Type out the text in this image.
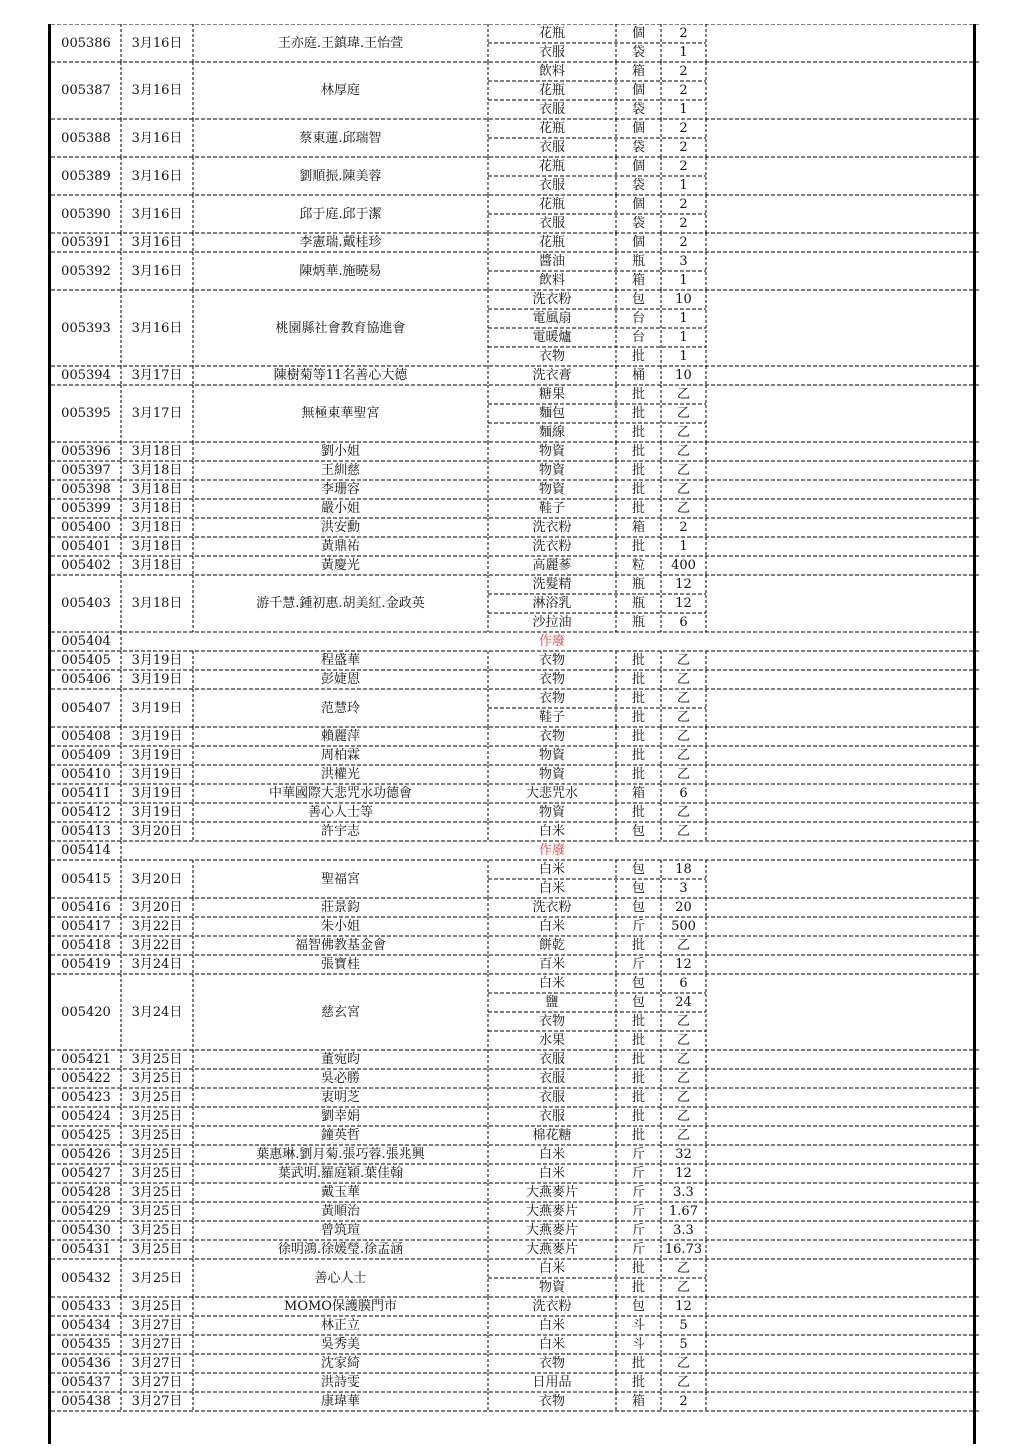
005386	3月16日	王亦庭.王鎮瑋.王怡萱
花瓶	個	2
衣服	袋	1
005387	3月16日	林厚庭
飲料	箱	2
花瓶	個	2
衣服	袋	1
005388	3月16日	蔡東蓮.邱瑞智
花瓶	個	2
衣服	袋	2
005389	3月16日	劉順振.陳美蓉
花瓶	個	2
衣服	袋	1
005390	3月16日	邱于庭.邱于潔
花瓶	個	2
衣服	袋	2
005391	3月16日	李憲瑞.戴桂珍	花瓶	個	2
005392	3月16日	陳炳華.施曉易
醬油	瓶	3
飲料	箱	1
005393	3月16日	桃園縣社會教育協進會
洗衣粉	包	10
電風扇	台	1
電暖爐	台	1
衣物	批	1
005394	3月17日	陳樹菊等11名善心大德	洗衣膏	桶	10
005395	3月17日	無極東華聖宮
糖果	批	乙
麵包	批	乙
麵線	批	乙
005396	3月18日	劉小姐	物資	批	乙
005397	3月18日	王紃慈	物資	批	乙
005398	3月18日	李珊容	物資	批	乙
005399	3月18日	嚴小姐	鞋子	批	乙
005400	3月18日	洪安勳	洗衣粉	箱	2
005401	3月18日	黃鼎祐	洗衣粉	批	1
005402	3月18日	黃慶光	高麗蔘	粒	400
005403	3月18日	游千慧.鍾初惠.胡美紅.金政英
洗髮精	瓶	12
淋浴乳	瓶	12
沙拉油	瓶	6
005404	作廢
005405	3月19日	程盛華	衣物	批	乙
005406	3月19日	彭婕恩	衣物	批	乙
005407	3月19日	范慧玲
衣物	批	乙
鞋子	批	乙
005408	3月19日	賴麗萍	衣物	批	乙
005409	3月19日	周柏霖	物資	批	乙
005410	3月19日	洪權光	物資	批	乙
005411	3月19日	中華國際大悲咒水功德會	大悲咒水	箱	6
005412	3月19日	善心人士等	物資	批	乙
005413	3月20日	許宇志	白米	包	乙
005414	作廢
005415	3月20日	聖福宮
白米	包	18
白米	包	3
005416	3月20日	莊景鈞	洗衣粉	包	20
005417	3月22日	朱小姐	白米	斤	500
005418	3月22日	福智佛教基金會	餅乾	批	乙
005419	3月24日	張寶桂	百米	斤	12
005420	3月24日	慈玄宮
白米	包	6
鹽	包	24
衣物	批	乙
水果	批	乙
005421	3月25日	董宛昀	衣服	批	乙
005422	3月25日	吳必勝	衣服	批	乙
005423	3月25日	衷明芝	衣服	批	乙
005424	3月25日	劉幸娟	衣服	批	乙
005425	3月25日	鐘英哲	棉花糖	批	乙
005426	3月25日	葉惠琳.劉月菊.張巧蓉.張兆興	白米	斤	32
005427	3月25日	葉武明.羅庭穎.葉佳翰	白米	斤	12
005428	3月25日	戴玉華	大燕麥片	斤	3.3
005429	3月25日	黃順治	大燕麥片	斤	1.67
005430	3月25日	曾筑瑄	大燕麥片	斤	3.3
005431	3月25日	徐明鴻.徐媛瑩.徐孟涵	大燕麥片	斤	16.73
005432	3月25日	善心人士
白米	批	乙
物資	批	乙
005433	3月25日	MOMO保護膜門市	洗衣粉	包	12
005434	3月27日	林正立	白米	斗	5
005435	3月27日	吳秀美	白米	斗	5
005436	3月27日	沈家綺	衣物	批	乙
005437	3月27日	洪詩雯	日用品	批	乙
005438	3月27日	康瑋華	衣物	箱	2
